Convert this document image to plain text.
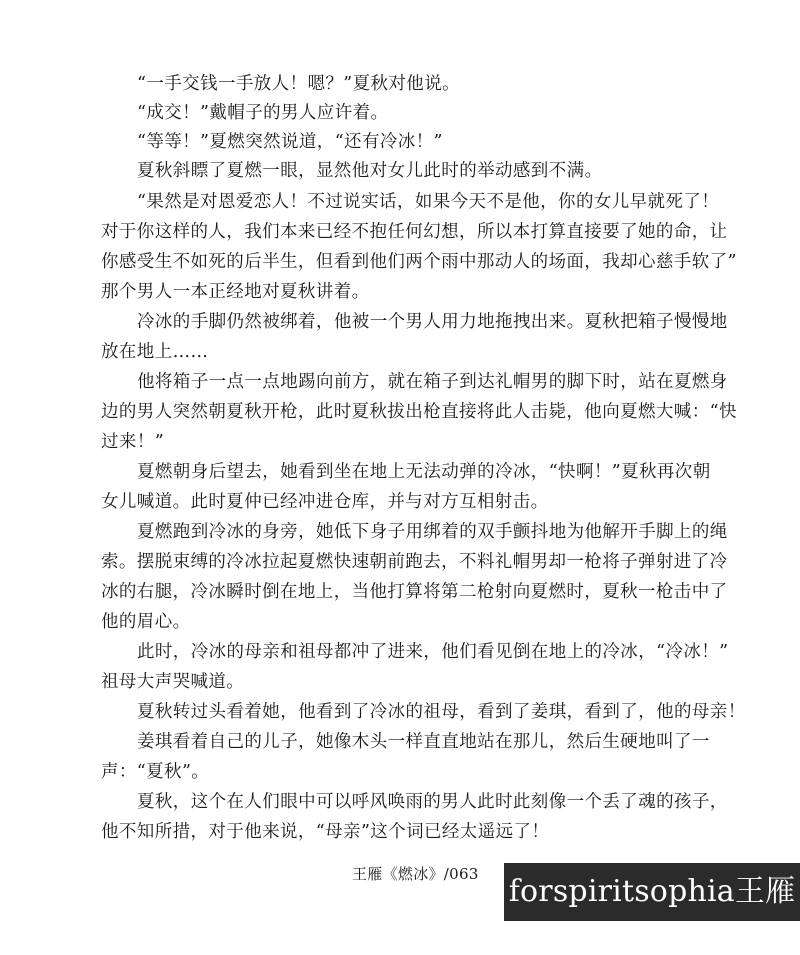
“一手交钱一手放人！嗯？”夏秋对他说。
“成交！”戴帽子的男人应许着。
“等等！”夏燃突然说道，“还有冷冰！”
夏秋斜瞟了夏燃一眼，显然他对女儿此时的举动感到不满。
“果然是对恩爱恋人！不过说实话，如果今天不是他，你的女儿早就死了！
对于你这样的人，我们本来已经不抱任何幻想，所以本打算直接要了她的命，让
你感受生不如死的后半生，但看到他们两个雨中那动人的场面，我却心慈手软了”
那个男人一本正经地对夏秋讲着。
冷冰的手脚仍然被绑着，他被一个男人用力地拖拽出来。夏秋把箱子慢慢地
放在地上……
他将箱子一点一点地踢向前方，就在箱子到达礼帽男的脚下时，站在夏燃身
边的男人突然朝夏秋开枪，此时夏秋拔出枪直接将此人击毙，他向夏燃大喊：“快
过来！”
夏燃朝身后望去，她看到坐在地上无法动弹的冷冰，“快啊！”夏秋再次朝
女儿喊道。此时夏仲已经冲进仓库，并与对方互相射击。
夏燃跑到冷冰的身旁，她低下身子用绑着的双手颤抖地为他解开手脚上的绳
索。摆脱束缚的冷冰拉起夏燃快速朝前跑去，不料礼帽男却一枪将子弹射进了冷
冰的右腿，冷冰瞬时倒在地上，当他打算将第二枪射向夏燃时，夏秋一枪击中了
他的眉心。
此时，冷冰的母亲和祖母都冲了进来，他们看见倒在地上的冷冰，“冷冰！”
祖母大声哭喊道。
夏秋转过头看着她，他看到了冷冰的祖母，看到了姜琪，看到了，他的母亲！
姜琪看着自己的儿子，她像木头一样直直地站在那儿，然后生硬地叫了一
声：“夏秋”。
夏秋，这个在人们眼中可以呼风唤雨的男人此时此刻像一个丢了魂的孩子，
他不知所措，对于他来说，“母亲”这个词已经太遥远了！
王雁《燃冰》/063 forspiritsophia王雁
